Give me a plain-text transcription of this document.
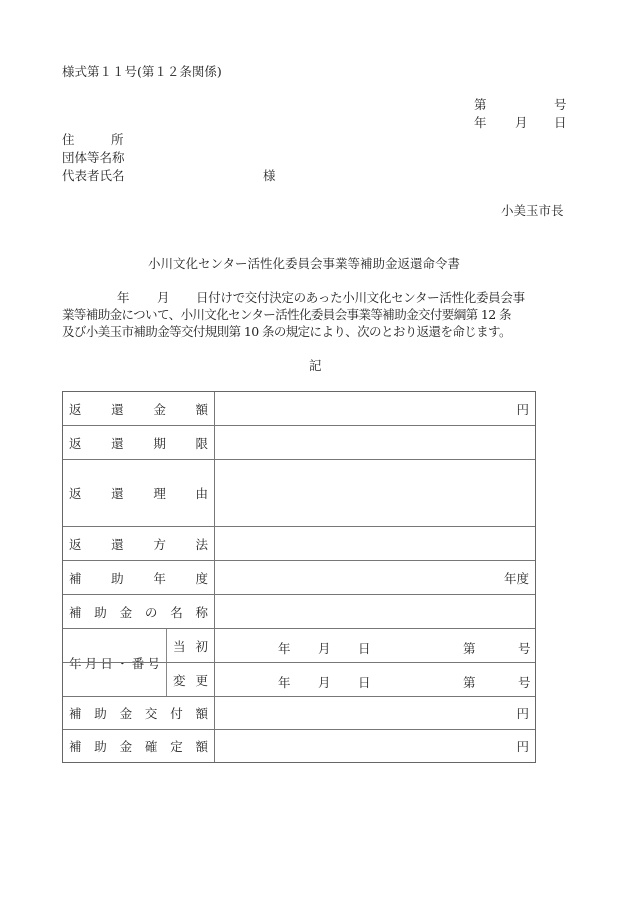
様式第１１号(第１２条関係)
第	号
年 月 日
住	所
団体等名称
代表者氏名	様
小美玉市長
小川文化センター活性化委員会事業等補助金返還命令書
年 月 日付けで交付決定のあった小川文化センター活性化委員会事
業等補助金について、小川文化センター活性化委員会事業等補助金交付要綱第 12 条
及び小美玉市補助金等交付規則第 10 条の規定により、次のとおり返還を命じます。
記
返 還 金 額	円
返 還 期 限
返 還 理 由
返 還 方 法
補 助 年 度	年度
補 助 金 の 名 称
年 月 日 ・ 番 号
当 初	年 月 日	第	号
変 更	年 月 日	第	号
補 助 金 交 付 額	円
補 助 金 確 定 額	円
